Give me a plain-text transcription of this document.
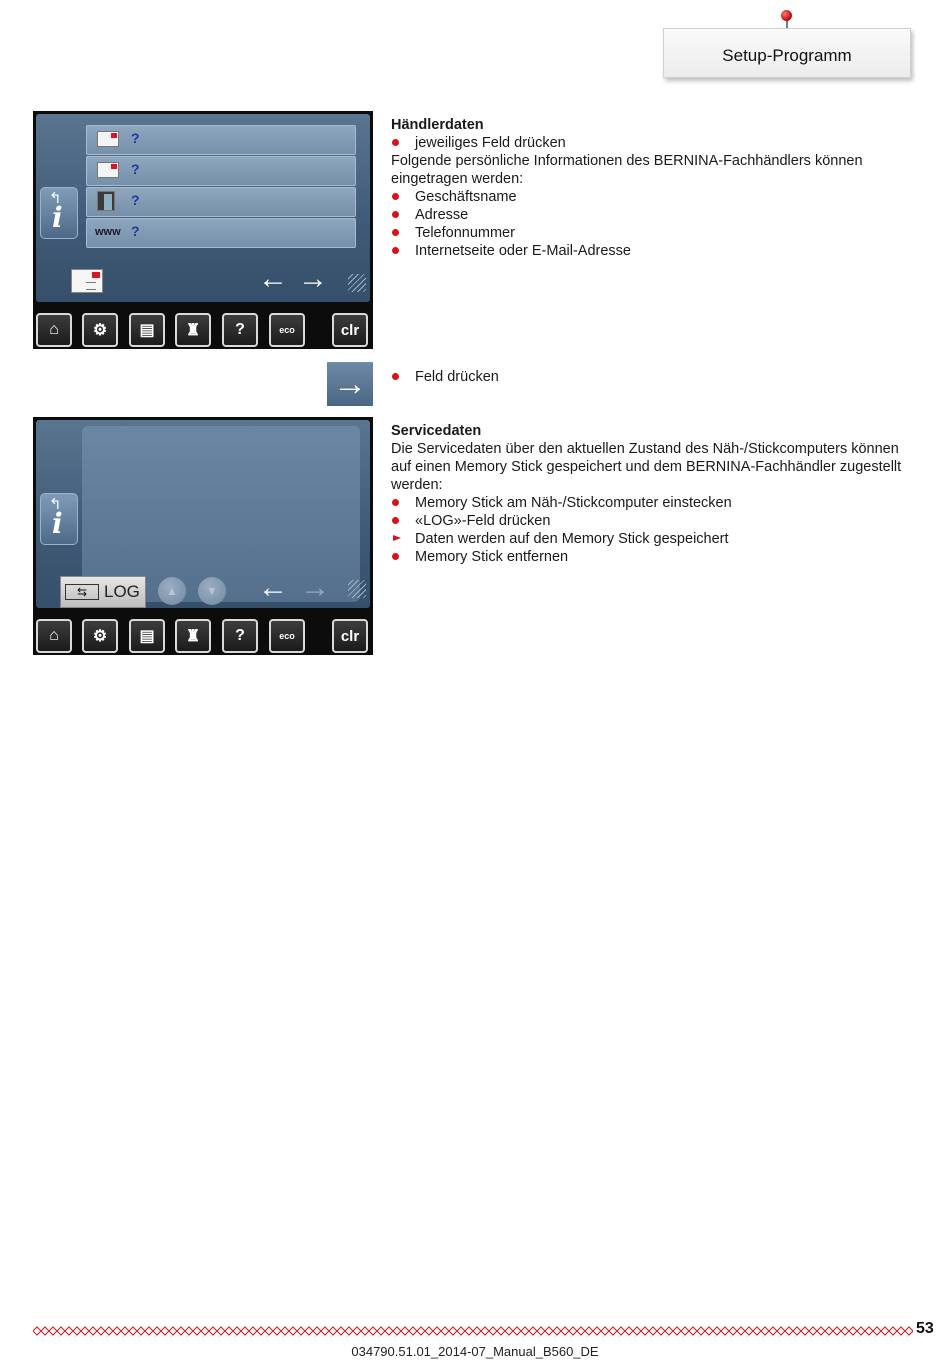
Setup-Programm
↰
i
?
?
?
www ?
← →
⌂ ⚙ ▤ ♜ ?	eco	clr
Händlerdaten
jeweiliges Feld drücken
Folgende persönliche Informationen des BERNINA-Fachhändlers können eingetragen werden:
Geschäftsname
Adresse
Telefonnummer
Internetseite oder E-Mail-Adresse
→	Feld drücken
↰
i
⇆ LOG ▲ ▼ ← →
⌂ ⚙ ▤ ♜ ?	eco	clr
Servicedaten
Die Servicedaten über den aktuellen Zustand des Näh-/Stickcomputers können auf einen Memory Stick gespeichert und dem BERNINA-Fachhändler zugestellt werden:
Memory Stick am Näh-/Stickcomputer einstecken
«LOG»-Feld drücken
Daten werden auf den Memory Stick gespeichert
Memory Stick entfernen
53
034790.51.01_2014-07_Manual_B560_DE
